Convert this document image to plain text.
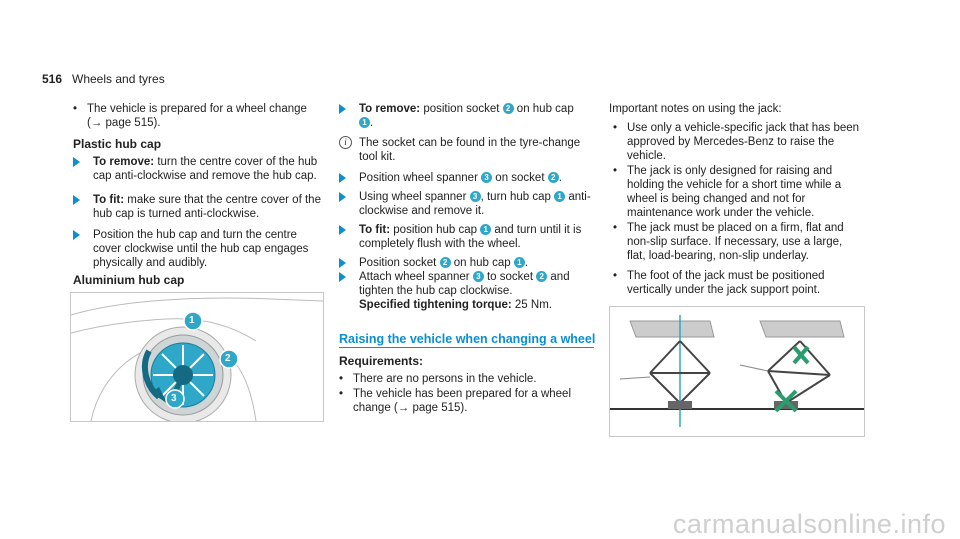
516 Wheels and tyres
• The vehicle is prepared for a wheel change
(→ page 515).
Plastic hub cap
To remove: turn the centre cover of the hub cap anti-clockwise and remove the hub cap.
To fit: make sure that the centre cover of the hub cap is turned anti-clockwise.
Position the hub cap and turn the centre cover clockwise until the hub cap engages physically and audibly.
Aluminium hub cap
1
2
3
To remove: position socket 2 on hub cap
1 .
i	The socket can be found in the tyre-change tool kit.
Position wheel spanner 3 on socket 2 .
Using wheel spanner 3 , turn hub cap 1 anti-clockwise and remove it.
To fit: position hub cap 1 and turn until it is completely flush with the wheel.
Position socket 2 on hub cap 1 .
Attach wheel spanner 3 to socket 2 and tighten the hub cap clockwise.
Specified tightening torque: 25 Nm.
Raising the vehicle when changing a wheel
Requirements:
• There are no persons in the vehicle.
• The vehicle has been prepared for a wheel change (→ page 515).
Important notes on using the jack:
• Use only a vehicle-specific jack that has been approved by Mercedes-Benz to raise the vehicle.
• The jack is only designed for raising and holding the vehicle for a short time while a wheel is being changed and not for maintenance work under the vehicle.
• The jack must be placed on a firm, flat and non-slip surface. If necessary, use a large, flat, load-bearing, non-slip underlay.
• The foot of the jack must be positioned vertically under the jack support point.
carmanualsonline.info
